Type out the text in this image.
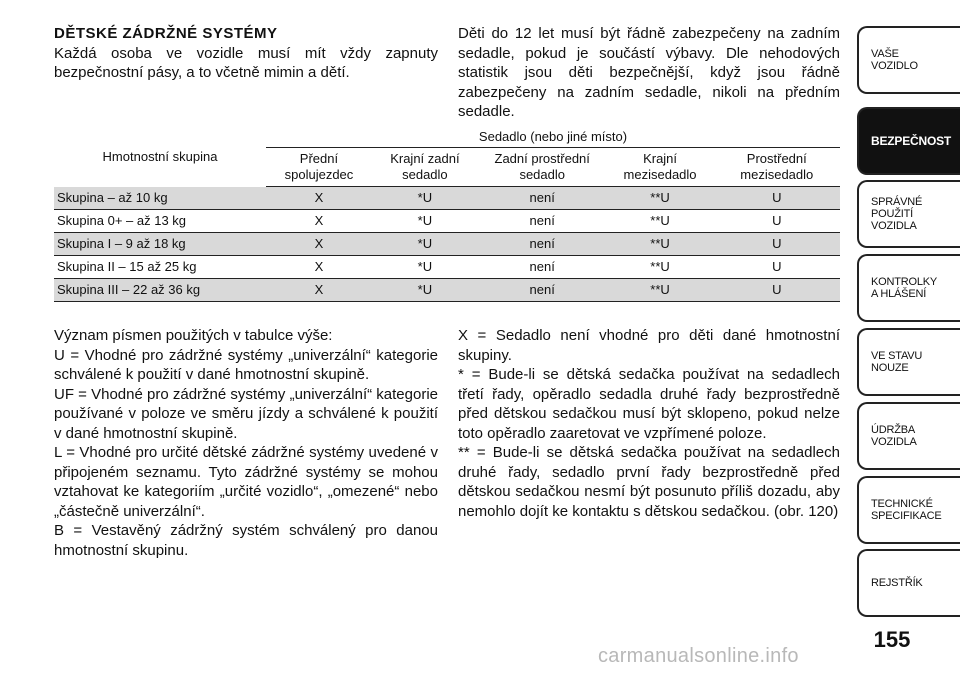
DĚTSKÉ ZÁDRŽNÉ SYSTÉMY

Každá osoba ve vozidle musí mít vždy zapnuty bezpečnostní pásy, a to včetně mimin a dětí.

Děti do 12 let musí být řádně zabezpečeny na zadním sedadle, pokud je součástí výbavy. Dle nehodových statistik jsou děti bezpečnější, když jsou řádně zabezpečeny na zadním sedadle, nikoli na předním sedadle.

Hmotnostní skupina	Sedadlo (nebo jiné místo)				
	Přední spolujezdec	Krajní zadní sedadlo	Zadní prostřední sedadlo	Krajní mezisedadlo	Prostřední mezisedadlo
Skupina – až 10 kg	X	*U	není	**U	U
Skupina 0+ – až 13 kg	X	*U	není	**U	U
Skupina I – 9 až 18 kg	X	*U	není	**U	U
Skupina II – 15 až 25 kg	X	*U	není	**U	U
Skupina III – 22 až 36 kg	X	*U	není	**U	U

Význam písmen použitých v tabulce výše:

U = Vhodné pro zádržné systémy „univerzální“ kategorie schválené k použití v dané hmotnostní skupině.

UF = Vhodné pro zádržné systémy „univerzální“ kategorie používané v poloze ve směru jízdy a schválené k použití v dané hmotnostní skupině.

L = Vhodné pro určité dětské zádržné systémy uvedené v připojeném seznamu. Tyto zádržné systémy se mohou vztahovat ke kategoriím „určité vozidlo“, „omezené“ nebo „částečně univerzální“.

B = Vestavěný zádržný systém schválený pro danou hmotnostní skupinu.

X = Sedadlo není vhodné pro děti dané hmotnostní skupiny.

* = Bude-li se dětská sedačka používat na sedadlech třetí řady, opěradlo sedadla druhé řady bezprostředně před dětskou sedačkou musí být sklopeno, pokud nelze toto opěradlo zaaretovat ve vzpřímené poloze.

** = Bude-li se dětská sedačka používat na sedadlech druhé řady, sedadlo první řady bezprostředně před dětskou sedačkou nesmí být posunuto příliš dozadu, aby nemohlo dojít ke kontaktu s dětskou sedačkou. (obr. 120)

VAŠE
VOZIDLO
BEZPEČNOST
SPRÁVNÉ
POUŽITÍ
VOZIDLA
KONTROLKY
A HLÁŠENÍ
VE STAVU
NOUZE
ÚDRŽBA
VOZIDLA
TECHNICKÉ
SPECIFIKACE
REJSTŘÍK
155
carmanualsonline.info
